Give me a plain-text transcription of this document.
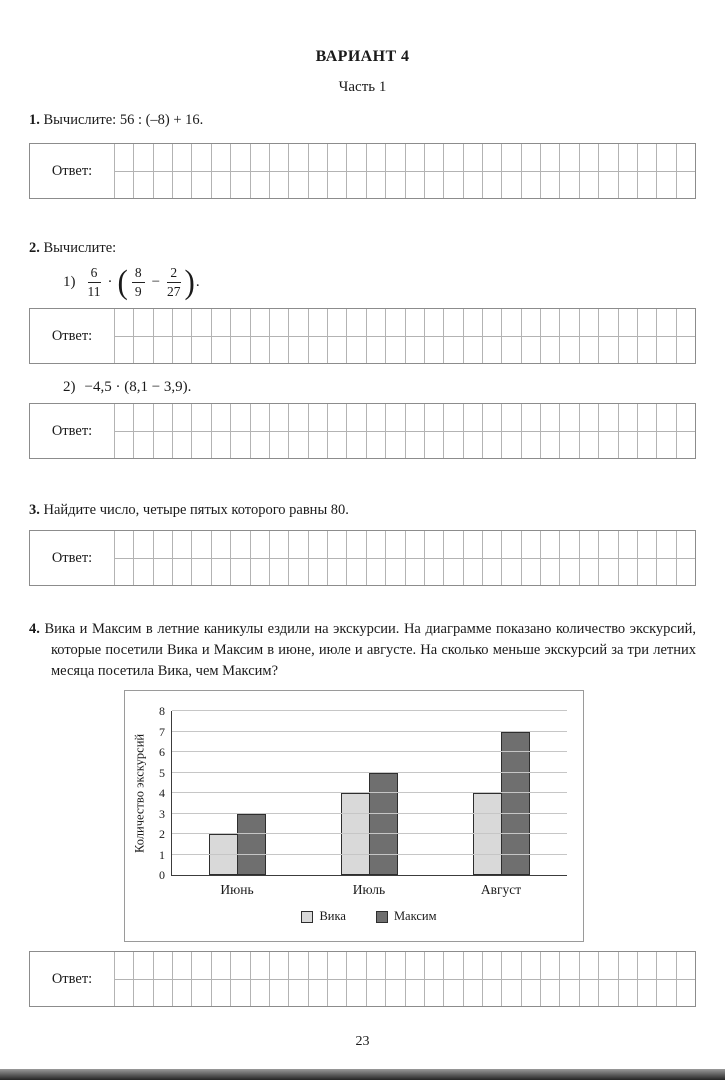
ВАРИАНТ 4
Часть 1

1. Вычислите: 56 : (–8) + 16.

Ответ:

2. Вычислите:

$1) \frac{6}{11}$ · ( $\frac{8}{9} - \frac{2}{27}$ ) .
Ответ:
2) −4,5 · (8,1 − 3,9).
Ответ:

3. Найдите число, четыре пятых которого равны 80.

Ответ:

4. Вика и Максим в летние каникулы ездили на экскурсии. На диаграмме показано количество экскурсий, которые посетили Вика и Максим в июне, июле и августе. На сколько меньше экскурсий за три летних месяца посетила Вика, чем Максим?

Количество экскурсий
0
1
2
3
4
5
6
7
8
Июнь	Июль	Август
Вика	Максим
Ответ:
23
